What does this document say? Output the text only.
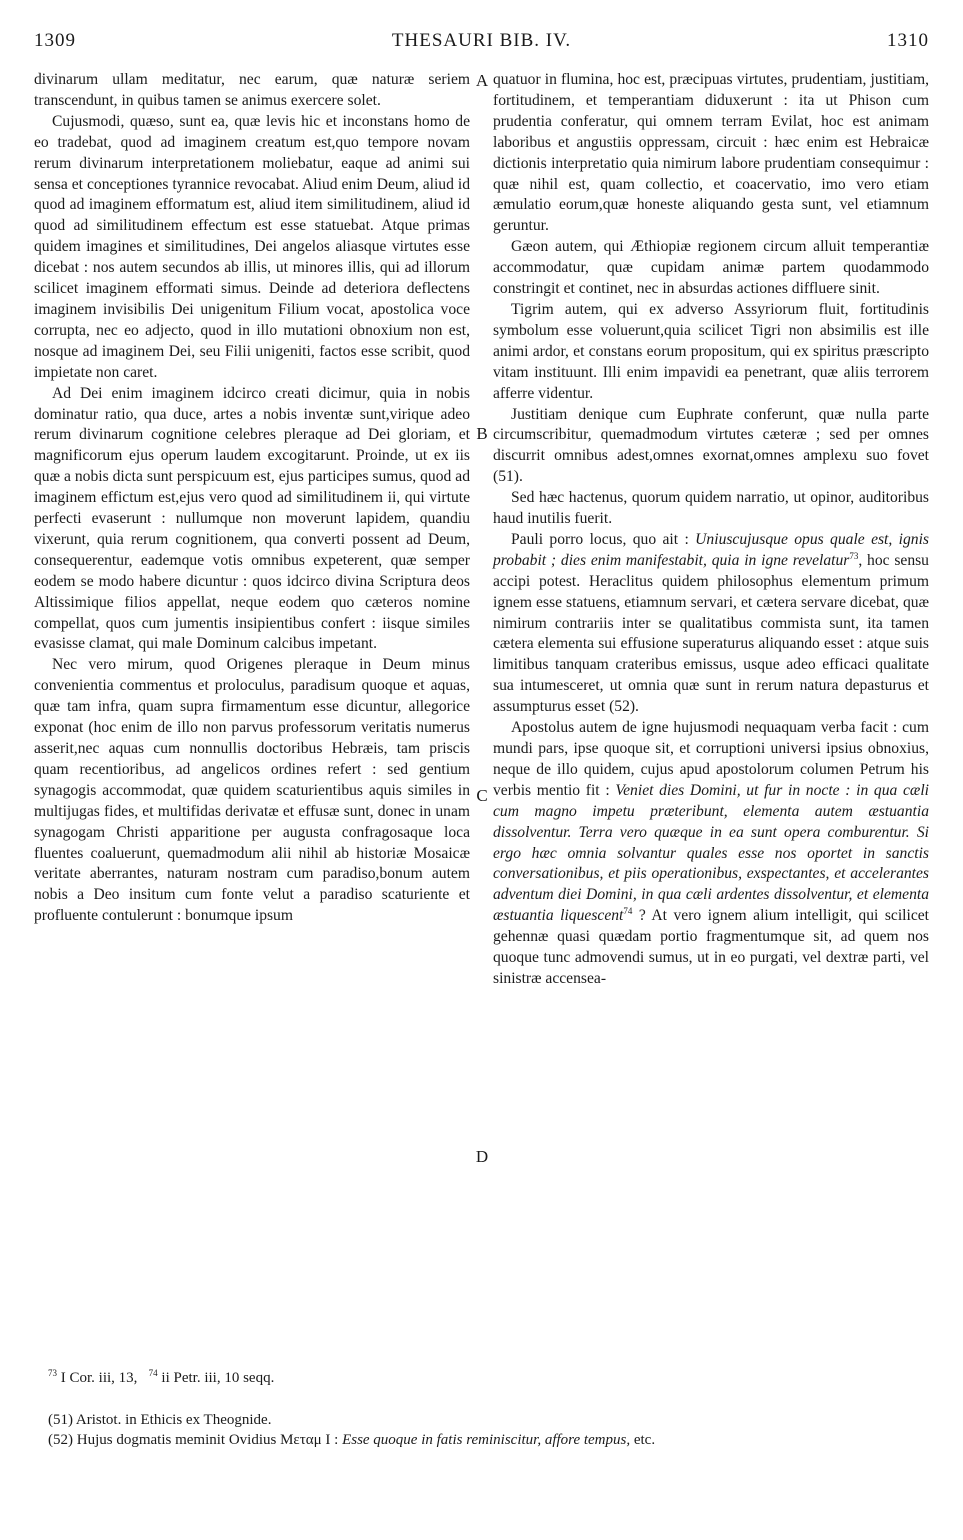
1309	THESAURI BIB. IV.	1310
A
B
C
D

divinarum ullam meditatur, nec earum, quæ naturæ seriem transcendunt, in quibus tamen se animus exercere solet.

Cujusmodi, quæso, sunt ea, quæ levis hic et inconstans homo de eo tradebat, quod ad imaginem creatum est,quo tempore novam rerum divinarum interpretationem moliebatur, eaque ad animi sui sensa et conceptiones tyrannice revocabat. Aliud enim Deum, aliud id quod ad imaginem efformatum est, aliud item similitudinem, aliud id quod ad similitudinem effectum est esse statuebat. Atque primas quidem imagines et similitudines, Dei angelos aliasque virtutes esse dicebat : nos autem secundos ab illis, ut minores illis, qui ad illorum scilicet imaginem efformati simus. Deinde ad deteriora deflectens imaginem invisibilis Dei unigenitum Filium vocat, apostolica voce corrupta, nec eo adjecto, quod in illo mutationi obnoxium non est, nosque ad imaginem Dei, seu Filii unigeniti, factos esse scribit, quod impietate non caret.

Ad Dei enim imaginem idcirco creati dicimur, quia in nobis dominatur ratio, qua duce, artes a nobis inventæ sunt,virique adeo rerum divinarum cognitione celebres pleraque ad Dei gloriam, et magnificorum ejus operum laudem excogitarunt. Proinde, ut ex iis quæ a nobis dicta sunt perspicuum est, ejus participes sumus, quod ad imaginem effictum est,ejus vero quod ad similitudinem ii, qui virtute perfecti evaserunt : nullumque non moverunt lapidem, quandiu vixerunt, quia rerum cognitionem, qua converti possent ad Deum, consequerentur, eademque votis omnibus expeterent, quæ semper eodem se modo habere dicuntur : quos idcirco divina Scriptura deos Altissimique filios appellat, neque eodem quo cæteros nomine compellat, quos cum jumentis insipientibus confert : iisque similes evasisse clamat, qui male Dominum calcibus impetant.

Nec vero mirum, quod Origenes pleraque in Deum minus convenientia commentus et proloculus, paradisum quoque et aquas, quæ tam infra, quam supra firmamentum esse dicuntur, allegorice exponat (hoc enim de illo non parvus professorum veritatis numerus asserit,nec aquas cum nonnullis doctoribus Hebræis, tam priscis quam recentioribus, ad angelicos ordines refert : sed gentium synagogis accommodat, quæ quidem scaturientibus aquis similes in multijugas fides, et multifidas derivatæ et effusæ sunt, donec in unam synagogam Christi apparitione per augusta confragosaque loca fluentes coaluerunt, quemadmodum alii nihil ab historiæ Mosaicæ veritate aberrantes, naturam nostram cum paradiso,bonum autem nobis a Deo insitum cum fonte velut a paradiso scaturiente et profluente contulerunt : bonumque ipsum

quatuor in flumina, hoc est, præcipuas virtutes, prudentiam, justitiam, fortitudinem, et temperantiam diduxerunt : ita ut Phison cum prudentia conferatur, qui omnem terram Evilat, hoc est animam laboribus et angustiis oppressam, circuit : hæc enim est Hebraicæ dictionis interpretatio quia nimirum labore prudentiam consequimur : quæ nihil est, quam collectio, et coacervatio, imo vero etiam æmulatio eorum,quæ honeste aliquando gesta sunt, vel etiamnum geruntur.

Gæon autem, qui Æthiopiæ regionem circum alluit temperantiæ accommodatur, quæ cupidam animæ partem quodammodo constringit et continet, nec in absurdas actiones diffluere sinit.

Tigrim autem, qui ex adverso Assyriorum fluit, fortitudinis symbolum esse voluerunt,quia scilicet Tigri non absimilis est ille animi ardor, et constans eorum propositum, qui ex spiritus præscripto vitam instituunt. Illi enim impavidi ea penetrant, quæ aliis terrorem afferre videntur.

Justitiam denique cum Euphrate conferunt, quæ nulla parte circumscribitur, quemadmodum virtutes cæteræ ; sed per omnes discurrit omnibus adest,omnes exornat,omnes amplexu suo fovet (51).

Sed hæc hactenus, quorum quidem narratio, ut opinor, auditoribus haud inutilis fuerit.

Pauli porro locus, quo ait : Uniuscujusque opus quale est, ignis probabit ; dies enim manifestabit, quia in igne revelatur$^{73}$, hoc sensu accipi potest. Heraclitus quidem philosophus elementum primum ignem esse statuens, etiamnum servari, et cætera servare dicebat, quæ nimirum contrariis inter se qualitatibus commista sunt, ita tamen cætera elementa sui effusione superaturus aliquando esset : atque suis limitibus tanquam crateribus emissus, usque adeo efficaci qualitate sua intumesceret, ut omnia quæ sunt in rerum natura depasturus et assumpturus esset (52).

Apostolus autem de igne hujusmodi nequaquam verba facit : cum mundi pars, ipse quoque sit, et corruptioni universi ipsius obnoxius, neque de illo quidem, cujus apud apostolorum columen Petrum his verbis mentio fit : Veniet dies Domini, ut fur in nocte : in qua cæli cum magno impetu præteribunt, elementa autem æstuantia dissolventur. Terra vero quæque in ea sunt opera comburentur. Si ergo hæc omnia solvantur quales esse nos oportet in sanctis conversationibus, et piis operationibus, exspectantes, et accelerantes adventum diei Domini, in qua cæli ardentes dissolventur, et elementa æstuantia liquescent$^{74}$ ? At vero ignem alium intelligit, qui scilicet gehennæ quasi quædam portio fragmentumque sit, ad quem nos quoque tunc admovendi sumus, ut in eo purgati, vel dextræ parti, vel sinistræ accensea-

$^{73}$ I Cor. iii, 13, $^{74}$ ii Petr. iii, 10 seqq.
(51) Aristot. in Ethicis ex Theognide.
(52) Hujus dogmatis meminit Ovidius Μεταμ I : Esse quoque in fatis reminiscitur, affore tempus, etc.
